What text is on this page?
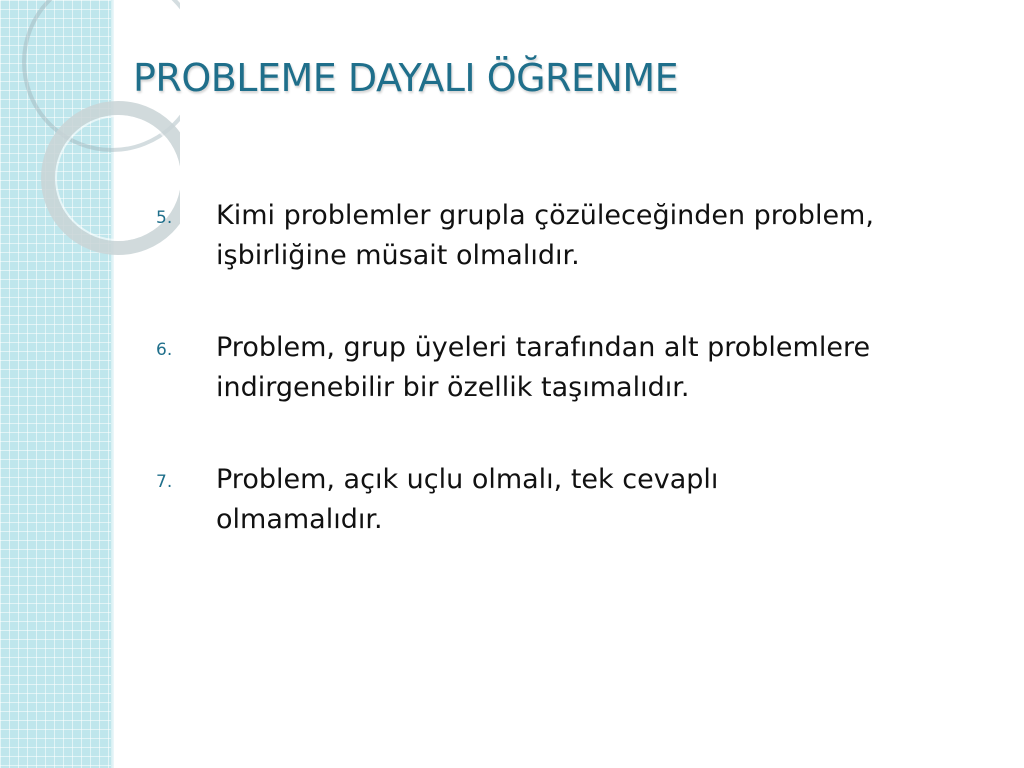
PROBLEME DAYALI ÖĞRENME
5. Kimi problemler grupla çözüleceğinden problem, işbirliğine müsait olmalıdır.
6. Problem, grup üyeleri tarafından alt problemlere indirgenebilir bir özellik taşımalıdır.
7. Problem, açık uçlu olmalı, tek cevaplı olmamalıdır.
